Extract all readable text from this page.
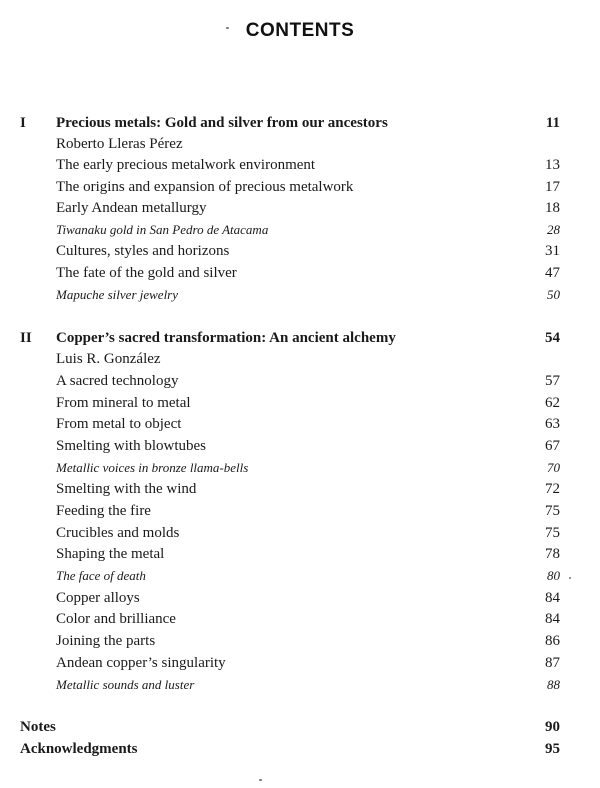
CONTENTS
I Precious metals: Gold and silver from our ancestors	11
Roberto Lleras Pérez
The early precious metalwork environment	13
The origins and expansion of precious metalwork	17
Early Andean metallurgy	18
Tiwanaku gold in San Pedro de Atacama	28
Cultures, styles and horizons	31
The fate of the gold and silver	47
Mapuche silver jewelry	50
II Copper’s sacred transformation: An ancient alchemy	54
Luis R. González
A sacred technology	57
From mineral to metal	62
From metal to object	63
Smelting with blowtubes	67
Metallic voices in bronze llama-bells	70
Smelting with the wind	72
Feeding the fire	75
Crucibles and molds	75
Shaping the metal	78
The face of death	80
Copper alloys	84
Color and brilliance	84
Joining the parts	86
Andean copper’s singularity	87
Metallic sounds and luster	88
Notes	90
Acknowledgments	95
